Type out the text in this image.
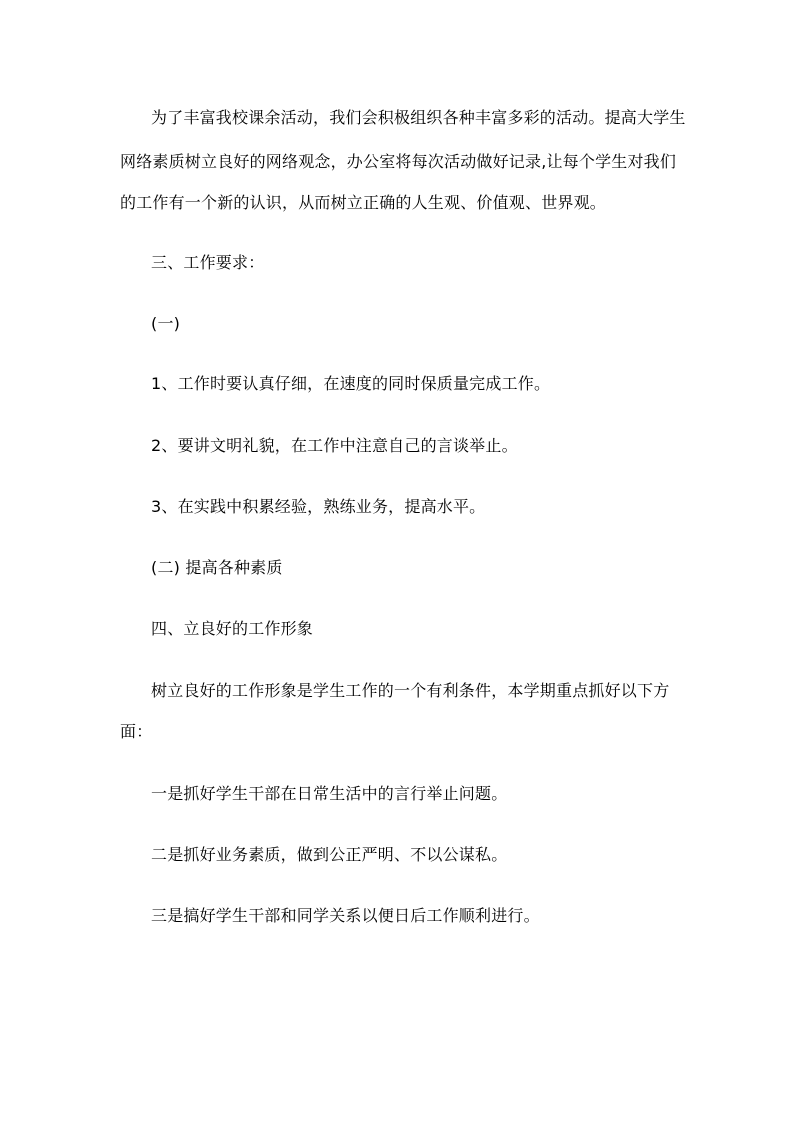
为了丰富我校课余活动，我们会积极组织各种丰富多彩的活动。提高大学生
网络素质树立良好的网络观念，办公室将每次活动做好记录,让每个学生对我们
的工作有一个新的认识，从而树立正确的人生观、价值观、世界观。
三、工作要求：
(一)
1、工作时要认真仔细，在速度的同时保质量完成工作。
2、要讲文明礼貌，在工作中注意自己的言谈举止。
3、在实践中积累经验，熟练业务，提高水平。
(二) 提高各种素质
四、立良好的工作形象
树立良好的工作形象是学生工作的一个有利条件，本学期重点抓好以下方
面：
一是抓好学生干部在日常生活中的言行举止问题。
二是抓好业务素质，做到公正严明、不以公谋私。
三是搞好学生干部和同学关系以便日后工作顺利进行。
